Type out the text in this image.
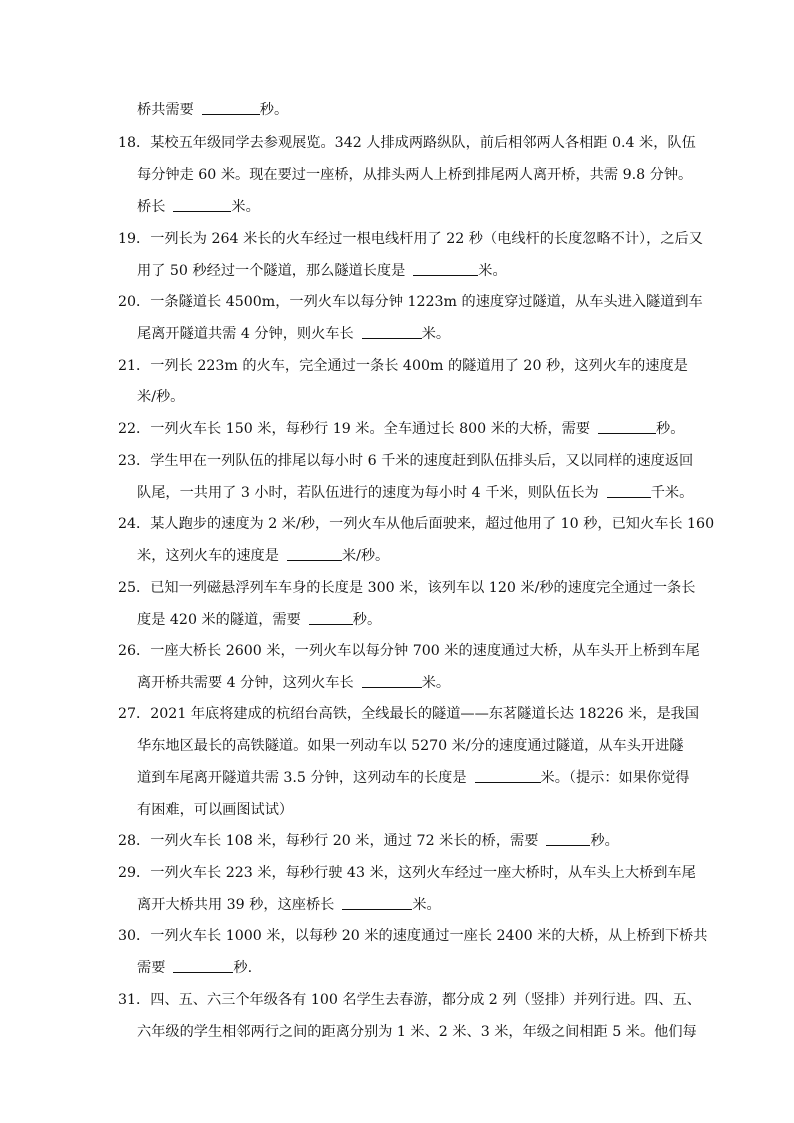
桥共需要	秒。
18．某校五年级同学去参观展览。342 人排成两路纵队，前后相邻两人各相距 0.4 米，队伍
每分钟走 60 米。现在要过一座桥，从排头两人上桥到排尾两人离开桥，共需 9.8 分钟。
桥长	米。
19．一列长为 264 米长的火车经过一根电线杆用了 22 秒（电线杆的长度忽略不计），之后又
用了 50 秒经过一个隧道，那么隧道长度是	米。
20．一条隧道长 4500m，一列火车以每分钟 1223m 的速度穿过隧道，从车头进入隧道到车
尾离开隧道共需 4 分钟，则火车长	米。
21．一列长 223m 的火车，完全通过一条长 400m 的隧道用了 20 秒，这列火车的速度是
米/秒。
22．一列火车长 150 米，每秒行 19 米。全车通过长 800 米的大桥，需要	秒。
23．学生甲在一列队伍的排尾以每小时 6 千米的速度赶到队伍排头后，又以同样的速度返回
队尾，一共用了 3 小时，若队伍进行的速度为每小时 4 千米，则队伍长为	千米。
24．某人跑步的速度为 2 米/秒，一列火车从他后面驶来，超过他用了 10 秒，已知火车长 160
米，这列火车的速度是	米/秒。
25．已知一列磁悬浮列车车身的长度是 300 米，该列车以 120 米/秒的速度完全通过一条长
度是 420 米的隧道，需要	秒。
26．一座大桥长 2600 米，一列火车以每分钟 700 米的速度通过大桥，从车头开上桥到车尾
离开桥共需要 4 分钟，这列火车长	米。
27．2021 年底将建成的杭绍台高铁，全线最长的隧道——东茗隧道长达 18226 米，是我国
华东地区最长的高铁隧道。如果一列动车以 5270 米/分的速度通过隧道，从车头开进隧
道到车尾离开隧道共需 3.5 分钟，这列动车的长度是	米。（提示：如果你觉得
有困难，可以画图试试）
28．一列火车长 108 米，每秒行 20 米，通过 72 米长的桥，需要	秒。
29．一列火车长 223 米，每秒行驶 43 米，这列火车经过一座大桥时，从车头上大桥到车尾
离开大桥共用 39 秒，这座桥长	米。
30．一列火车长 1000 米，以每秒 20 米的速度通过一座长 2400 米的大桥，从上桥到下桥共
需要	秒.
31．四、五、六三个年级各有 100 名学生去春游，都分成 2 列（竖排）并列行进。四、五、
六年级的学生相邻两行之间的距离分别为 1 米、2 米、3 米，年级之间相距 5 米。他们每
